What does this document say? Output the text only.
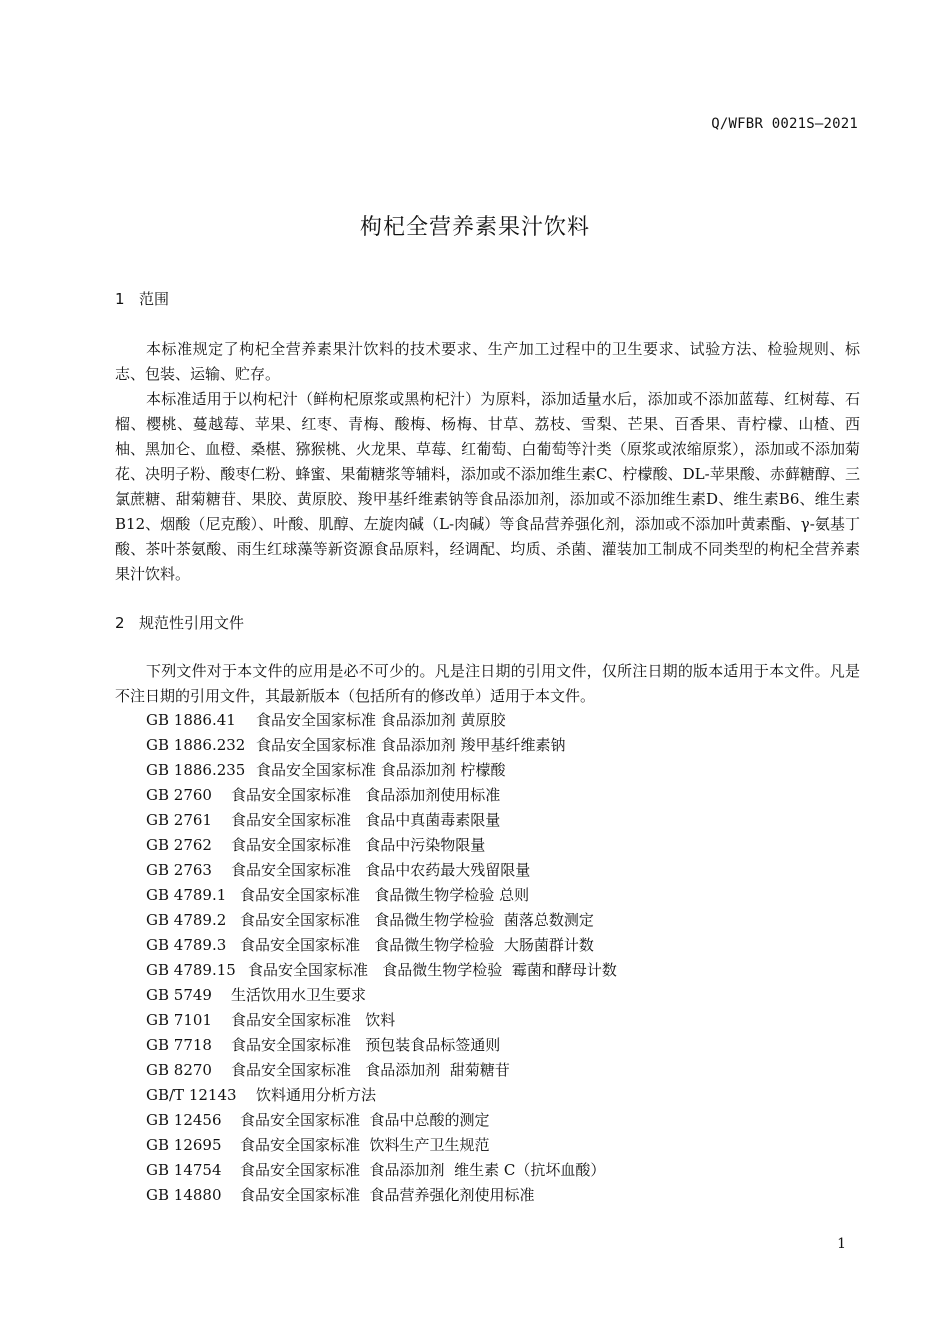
Q/WFBR 0021S—2021
枸杞全营养素果汁饮料
1 范围

本标准规定了枸杞全营养素果汁饮料的技术要求、生产加工过程中的卫生要求、试验方法、检验规则、标志、包装、运输、贮存。

本标准适用于以枸杞汁（鲜枸杞原浆或黑枸杞汁）为原料，添加适量水后，添加或不添加蓝莓、红树莓、石榴、樱桃、蔓越莓、苹果、红枣、青梅、酸梅、杨梅、甘草、荔枝、雪梨、芒果、百香果、青柠檬、山楂、西柚、黑加仑、血橙、桑椹、猕猴桃、火龙果、草莓、红葡萄、白葡萄等汁类（原浆或浓缩原浆），添加或不添加菊花、决明子粉、酸枣仁粉、蜂蜜、果葡糖浆等辅料，添加或不添加维生素C、柠檬酸、DL-苹果酸、赤藓糖醇、三氯蔗糖、甜菊糖苷、果胶、黄原胶、羧甲基纤维素钠等食品添加剂，添加或不添加维生素D、维生素B6、维生素B12、烟酸（尼克酸）、叶酸、肌醇、左旋肉碱（L-肉碱）等食品营养强化剂，添加或不添加叶黄素酯、γ-氨基丁酸、茶叶茶氨酸、雨生红球藻等新资源食品原料，经调配、均质、杀菌、灌装加工制成不同类型的枸杞全营养素果汁饮料。

2 规范性引用文件

下列文件对于本文件的应用是必不可少的。凡是注日期的引用文件，仅所注日期的版本适用于本文件。凡是不注日期的引用文件，其最新版本（包括所有的修改单）适用于本文件。

GB 1886.41 食品安全国家标准 食品添加剂 黄原胶
GB 1886.232 食品安全国家标准 食品添加剂 羧甲基纤维素钠
GB 1886.235 食品安全国家标准 食品添加剂 柠檬酸
GB 2760 食品安全国家标准   食品添加剂使用标准
GB 2761 食品安全国家标准   食品中真菌毒素限量
GB 2762 食品安全国家标准   食品中污染物限量
GB 2763 食品安全国家标准   食品中农药最大残留限量
GB 4789.1 食品安全国家标准   食品微生物学检验 总则
GB 4789.2 食品安全国家标准   食品微生物学检验  菌落总数测定
GB 4789.3 食品安全国家标准   食品微生物学检验  大肠菌群计数
GB 4789.15 食品安全国家标准   食品微生物学检验  霉菌和酵母计数
GB 5749 生活饮用水卫生要求
GB 7101 食品安全国家标准   饮料
GB 7718 食品安全国家标准   预包装食品标签通则
GB 8270 食品安全国家标准   食品添加剂  甜菊糖苷
GB/T 12143 饮料通用分析方法
GB 12456 食品安全国家标准  食品中总酸的测定
GB 12695 食品安全国家标准  饮料生产卫生规范
GB 14754 食品安全国家标准  食品添加剂  维生素 C（抗坏血酸）
GB 14880 食品安全国家标准  食品营养强化剂使用标准
1
